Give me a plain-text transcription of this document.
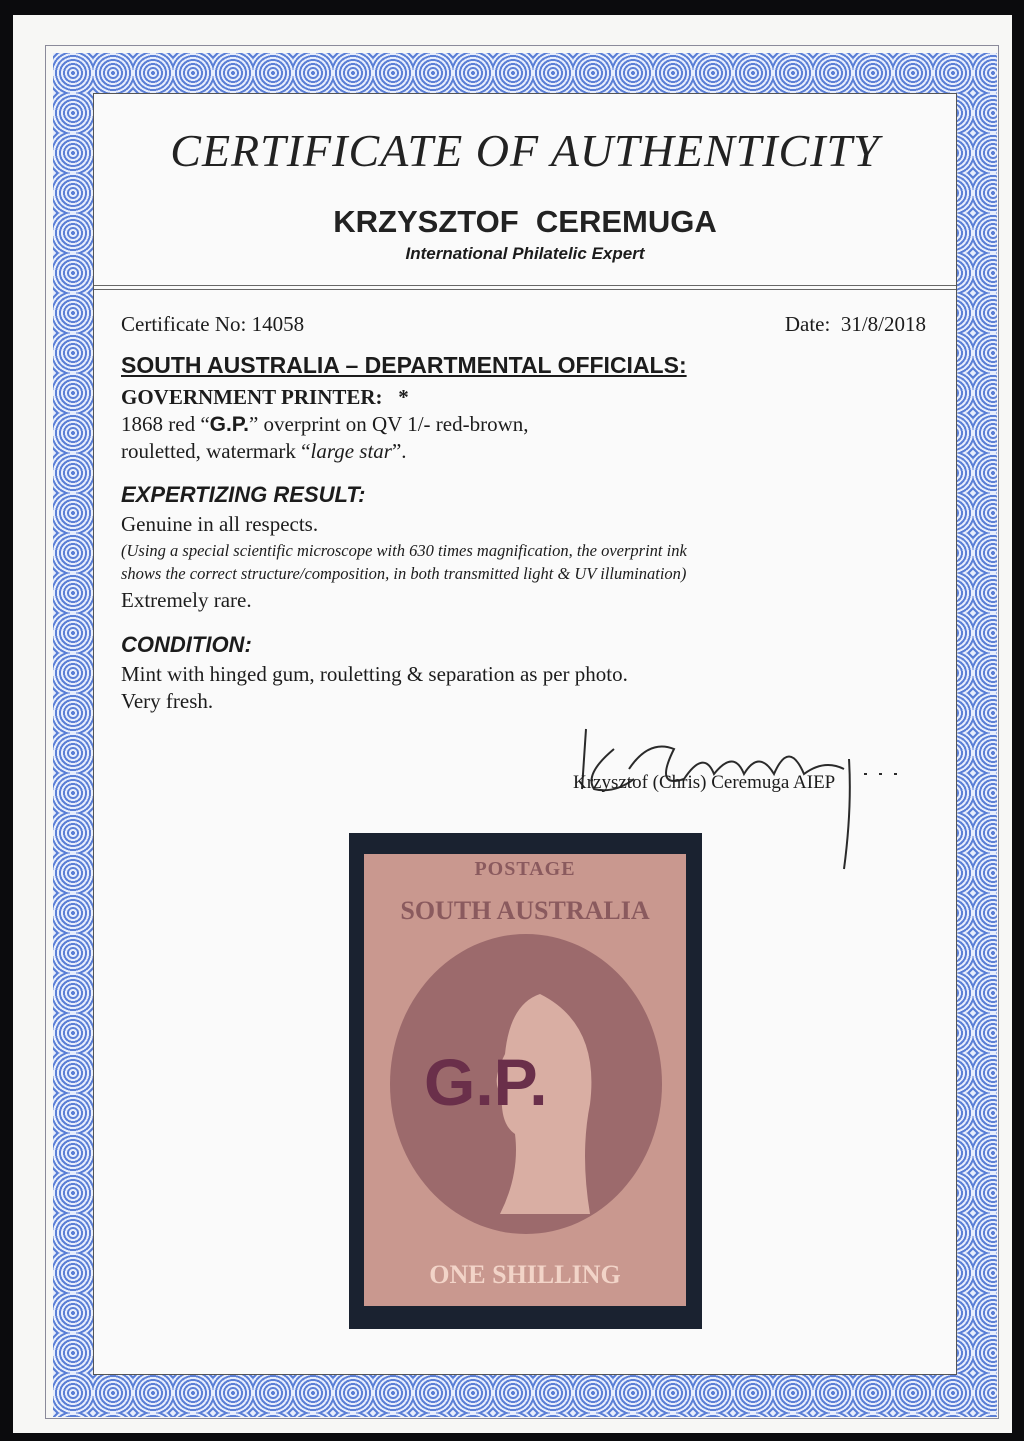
CERTIFICATE OF AUTHENTICITY
KRZYSZTOF  CEREMUGA
International Philatelic Expert
Certificate No: 14058	Date:  31/8/2018
SOUTH AUSTRALIA – DEPARTMENTAL OFFICIALS:
GOVERNMENT PRINTER:   *
1868 red “G.P.” overprint on QV 1/- red-brown,
rouletted, watermark “large star”.
EXPERTIZING RESULT:
Genuine in all respects.
(Using a special scientific microscope with 630 times magnification, the overprint ink
shows the correct structure/composition, in both transmitted light & UV illumination)
Extremely rare.
CONDITION:
Mint with hinged gum, rouletting & separation as per photo.
Very fresh.
Krzysztof (Chris) Ceremuga AIEP
POSTAGE
SOUTH AUSTRALIA
G.P.
ONE SHILLING
